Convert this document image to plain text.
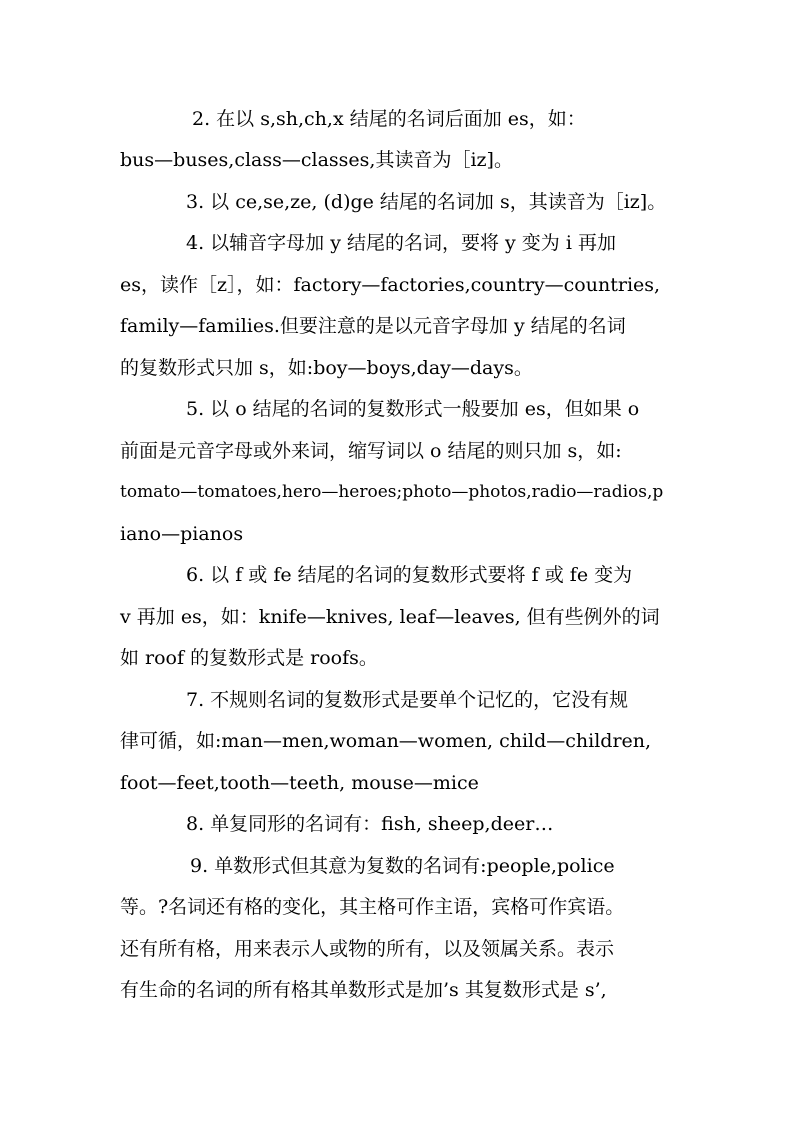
2. 在以 s,sh,ch,x 结尾的名词后面加 es，如：
bus—buses,class—classes,其读音为［iz]。
3. 以 ce,se,ze, (d)ge 结尾的名词加 s，其读音为［iz]。
4. 以辅音字母加 y 结尾的名词，要将 y 变为 i 再加
es，读作［z］，如：factory—factories,country—countries,
family—families.但要注意的是以元音字母加 y 结尾的名词
的复数形式只加 s，如:boy—boys,day—days。
5. 以 o 结尾的名词的复数形式一般要加 es，但如果 o
前面是元音字母或外来词，缩写词以 o 结尾的则只加 s，如:
tomato—tomatoes,hero—heroes;photo—photos,radio—radios,p
iano—pianos
6. 以 f 或 fe 结尾的名词的复数形式要将 f 或 fe 变为
v 再加 es，如：knife—knives, leaf—leaves, 但有些例外的词
如 roof 的复数形式是 roofs。
7. 不规则名词的复数形式是要单个记忆的，它没有规
律可循，如:man—men,woman—women, child—children,
foot—feet,tooth—teeth, mouse—mice
8. 单复同形的名词有：fish, sheep,deer…
9. 单数形式但其意为复数的名词有:people,police
等。?名词还有格的变化，其主格可作主语，宾格可作宾语。
还有所有格，用来表示人或物的所有，以及领属关系。表示
有生命的名词的所有格其单数形式是加’s 其复数形式是 s’,
